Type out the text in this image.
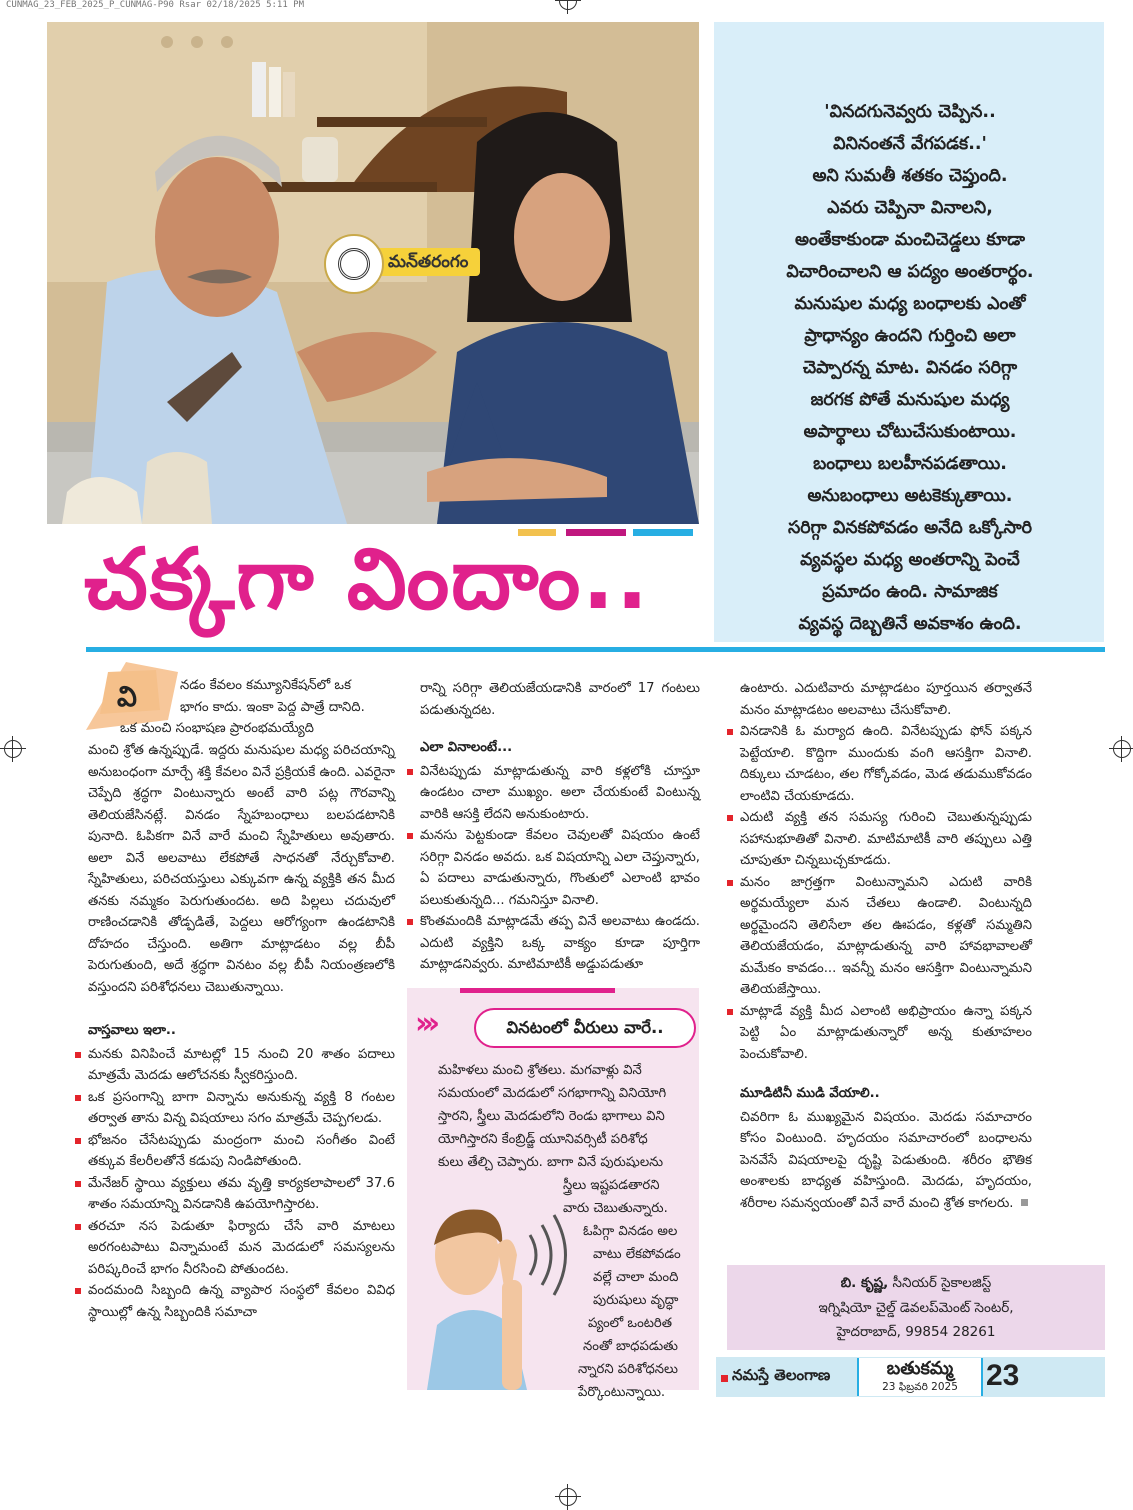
CUNMAG_23_FEB_2025_P_CUNMAG-P90 Rsar 02/18/2025 5:11 PM
మన్‌తరంగం
'వినదగునెవ్వరు చెప్పిన..
వినినంతనే వేగపడక..'
అని సుమతీ శతకం చెప్తుంది.
ఎవరు చెప్పినా వినాలని,
అంతేకాకుండా మంచిచెడ్డలు కూడా
విచారించాలని ఆ పద్యం అంతరార్థం.
మనుషుల మధ్య బంధాలకు ఎంతో
ప్రాధాన్యం ఉందని గుర్తించి అలా
చెప్పారన్న మాట. వినడం సరిగ్గా
జరగక పోతే మనుషుల మధ్య
అపార్థాలు చోటుచేసుకుంటాయి.
బంధాలు బలహీనపడతాయి.
అనుబంధాలు అటకెక్కుతాయి.
సరిగ్గా వినకపోవడం అనేది ఒక్కోసారి
వ్యవస్థల మధ్య అంతరాన్ని పెంచే
ప్రమాదం ఉంది. సామాజిక
వ్యవస్థ దెబ్బతినే అవకాశం ఉంది.
చక్కగా విందాం..
వి	నడం కేవలం కమ్యూనికేషన్‌లో ఒక

భాగం కాదు. ఇంకా పెద్ద పాత్రే దానిది.

ఒక మంచి సంభాషణ ప్రారంభమయ్యేది

మంచి శ్రోత ఉన్నప్పుడే. ఇద్దరు మనుషుల మధ్య పరిచయాన్ని అనుబంధంగా మార్చే శక్తి కేవలం వినే ప్రక్రియకే ఉంది. ఎవరైనా చెప్పేది శ్రద్ధగా వింటున్నారు అంటే వారి పట్ల గౌరవాన్ని తెలియజేసినట్లే. వినడం స్నేహబంధాలు బలపడటానికి పునాది. ఓపికగా వినే వారే మంచి స్నేహితులు అవుతారు. అలా వినే అలవాటు లేకపోతే సాధనతో నేర్చుకోవాలి. స్నేహితులు, పరిచయస్తులు ఎక్కువగా ఉన్న వ్యక్తికి తన మీద తనకు నమ్మకం పెరుగుతుందట. అది పిల్లలు చదువులో రాణించడానికి తోడ్పడితే, పెద్దలు ఆరోగ్యంగా ఉండటానికి దోహదం చేస్తుంది. అతిగా మాట్లాడటం వల్ల బీపీ పెరుగుతుంది, అదే శ్రద్ధగా వినటం వల్ల బీపీ నియంత్రణలోకి వస్తుందని పరిశోధనలు చెబుతున్నాయి.

వాస్తవాలు ఇలా..

మనకు వినిపించే మాటల్లో 15 నుంచి 20 శాతం పదాలు మాత్రమే మెదడు ఆలోచనకు స్వీకరిస్తుంది.

ఒక ప్రసంగాన్ని బాగా విన్నాను అనుకున్న వ్యక్తి 8 గంటల తర్వాత తాను విన్న విషయాలు సగం మాత్రమే చెప్పగలడు.

భోజనం చేసేటప్పుడు మంద్రంగా మంచి సంగీతం వింటే తక్కువ కేలరీలతోనే కడుపు నిండిపోతుంది.

మేనేజర్ స్థాయి వ్యక్తులు తమ వృత్తి కార్యకలాపాలలో 37.6 శాతం సమయాన్ని వినడానికి ఉపయోగిస్తారట.

తరచూ నస పెడుతూ ఫిర్యాదు చేసే వారి మాటలు అరగంటపాటు విన్నామంటే మన మెదడులో సమస్యలను పరిష్కరించే భాగం నీరసించి పోతుందట.

వందమంది సిబ్బంది ఉన్న వ్యాపార సంస్థలో కేవలం వివిధ స్థాయిల్లో ఉన్న సిబ్బందికి సమాచా

రాన్ని సరిగ్గా తెలియజేయడానికి వారంలో 17 గంటలు పడుతున్నదట.

ఎలా వినాలంటే...

వినేటప్పుడు మాట్లాడుతున్న వారి కళ్లలోకి చూస్తూ ఉండటం చాలా ముఖ్యం. అలా చేయకుంటే వింటున్న వారికి ఆసక్తి లేదని అనుకుంటారు.

మనసు పెట్టకుండా కేవలం చెవులతో విషయం ఉంటే సరిగ్గా వినడం అవదు. ఒక విషయాన్ని ఎలా చెప్తున్నారు, ఏ పదాలు వాడుతున్నారు, గొంతులో ఎలాంటి భావం పలుకుతున్నది... గమనిస్తూ వినాలి.

కొంతమందికి మాట్లాడమే తప్ప వినే అలవాటు ఉండదు. ఎదుటి వ్యక్తిని ఒక్క వాక్యం కూడా పూర్తిగా మాట్లాడనివ్వరు. మాటిమాటికీ అడ్డుపడుతూ

›››	వినటంలో వీరులు వారే..
మహిళలు మంచి శ్రోతలు. మగవాళ్లు వినే
సమయంలో మెదడులో సగభాగాన్ని వినియోగి
స్తారని, స్త్రీలు మెదడులోని రెండు భాగాలు విని
యోగిస్తారని కేంబ్రిడ్జ్ యూనివర్సిటీ పరిశోధ
కులు తేల్చి చెప్పారు. బాగా వినే పురుషులను
స్త్రీలు ఇష్టపడతారని
వారు చెబుతున్నారు.
ఓపిగ్గా వినడం అల
వాటు లేకపోవడం
వల్లే చాలా మంది
పురుషులు వృద్ధా
ప్యంలో ఒంటరిత
నంతో బాధపడుతు
న్నారని పరిశోధనలు
పేర్కొంటున్నాయి.

ఉంటారు. ఎదుటివారు మాట్లాడటం పూర్తయిన తర్వాతనే మనం మాట్లాడటం అలవాటు చేసుకోవాలి.

వినడానికి ఓ మర్యాద ఉంది. వినేటప్పుడు ఫోన్ పక్కన పెట్టేయాలి. కొద్దిగా ముందుకు వంగి ఆసక్తిగా వినాలి. దిక్కులు చూడటం, తల గోక్కోవడం, మెడ తడుముకోవడం లాంటివి చేయకూడదు.

ఎదుటి వ్యక్తి తన సమస్య గురించి చెబుతున్నప్పుడు సహానుభూతితో వినాలి. మాటిమాటికీ వారి తప్పులు ఎత్తి చూపుతూ చిన్నబుచ్చకూడదు.

మనం జాగ్రత్తగా వింటున్నామని ఎదుటి వారికి అర్థమయ్యేలా మన చేతలు ఉండాలి. వింటున్నది అర్థమైందని తెలిసేలా తల ఊపడం, కళ్లతో సమ్మతిని తెలియజేయడం, మాట్లాడుతున్న వారి హావభావాలతో మమేకం కావడం... ఇవన్నీ మనం ఆసక్తిగా వింటున్నామని తెలియజేస్తాయి.

మాట్లాడే వ్యక్తి మీద ఎలాంటి అభిప్రాయం ఉన్నా పక్కన పెట్టి ఏం మాట్లాడుతున్నారో అన్న కుతూహలం పెంచుకోవాలి.

మూడిటినీ ముడి వేయాలి..

చివరిగా ఓ ముఖ్యమైన విషయం. మెదడు సమాచారం కోసం వింటుంది. హృదయం సమాచారంలో బంధాలను పెనవేసే విషయాలపై దృష్టి పెడుతుంది. శరీరం భౌతిక అంశాలకు బాధ్యత వహిస్తుంది. మెదడు, హృదయం, శరీరాల సమన్వయంతో వినే వారే మంచి శ్రోత కాగలరు.

బి. కృష్ణ, సీనియర్ సైకాలజిస్ట్
ఇగ్నిషియో చైల్డ్ డెవలప్‌మెంట్ సెంటర్,
హైదరాబాద్, 99854 28261
నమస్తే తెలంగాణ	బతుకమ్మ
23 ఫిబ్రవరి 2025 23
